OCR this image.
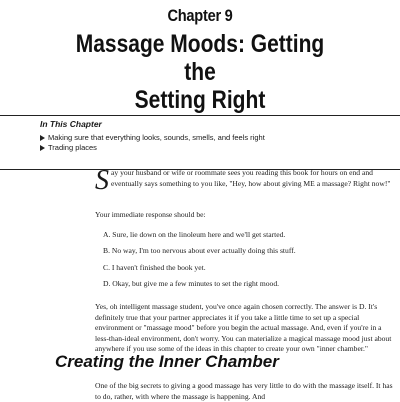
Chapter 9
Massage Moods: Getting the
Setting Right
In This Chapter
Making sure that everything looks, sounds, smells, and feels right
Trading places
Say your husband or wife or roommate sees you reading this book for hours on end and eventually says something to you like, "Hey, how about giving ME a massage? Right now!"
Your immediate response should be:
A. Sure, lie down on the linoleum here and we'll get started.
B. No way, I'm too nervous about ever actually doing this stuff.
C. I haven't finished the book yet.
D. Okay, but give me a few minutes to set the right mood.
Yes, oh intelligent massage student, you've once again chosen correctly. The answer is D. It's definitely true that your partner appreciates it if you take a little time to set up a special environment or "massage mood" before you begin the actual massage. And, even if you're in a less-than-ideal environment, don't worry. You can materialize a magical massage mood just about anywhere if you use some of the ideas in this chapter to create your own "inner chamber."
Creating the Inner Chamber
One of the big secrets to giving a good massage has very little to do with the massage itself. It has to do, rather, with where the massage is happening. And
